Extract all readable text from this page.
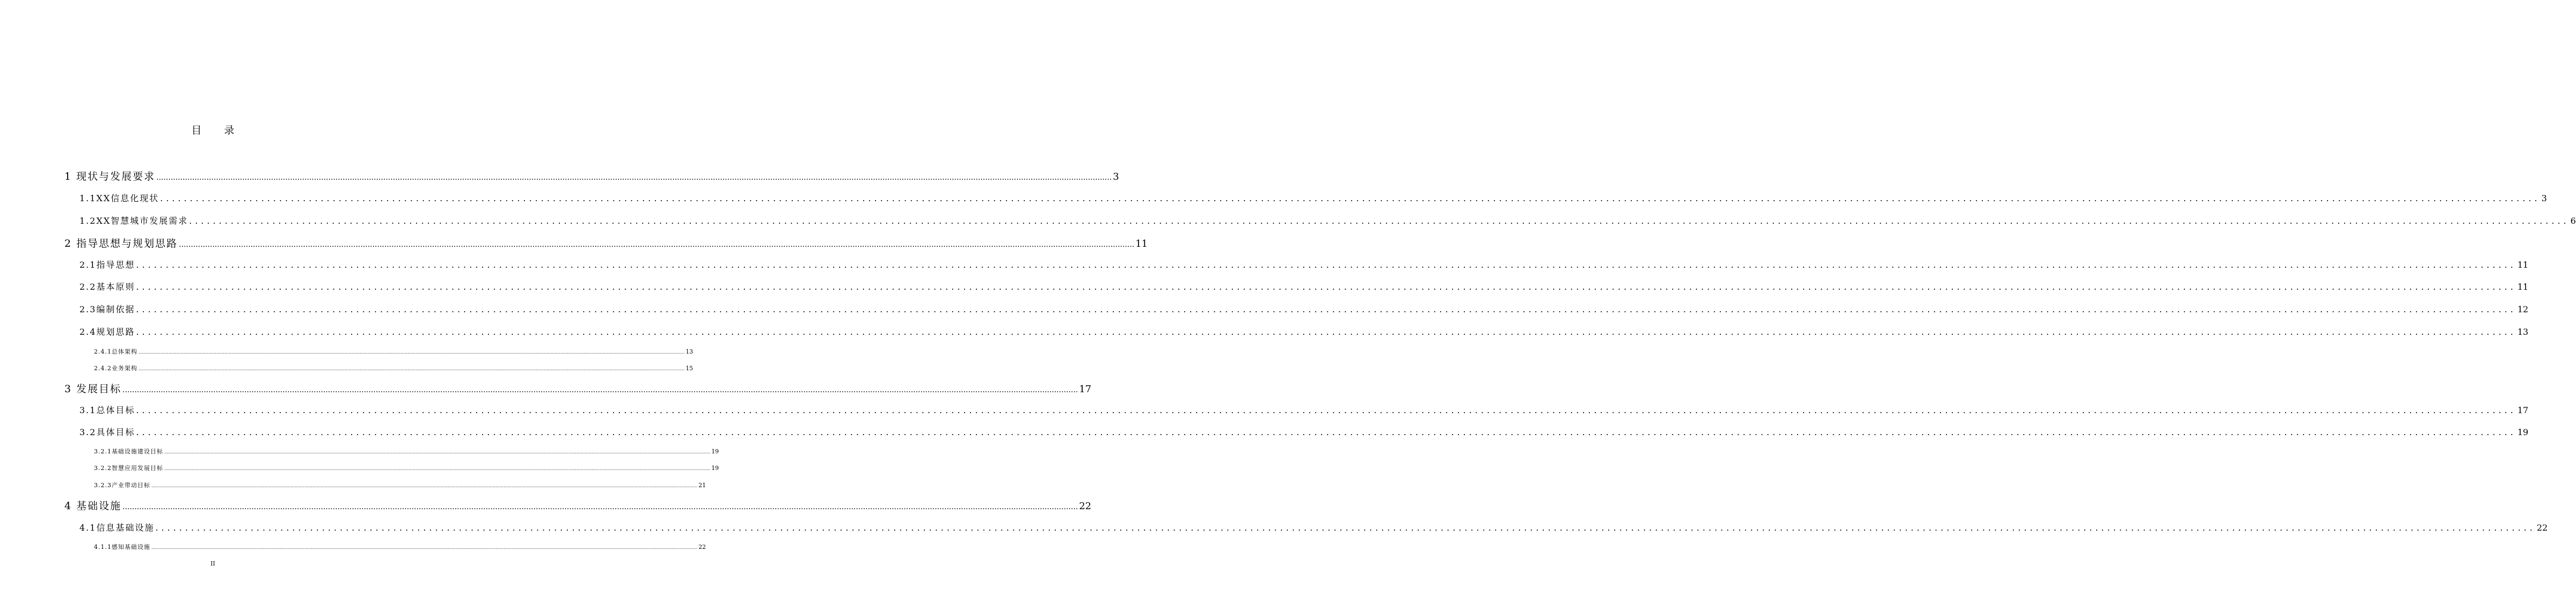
目 录
1 现状与发展要求 ................................................................................................................................................................................................................................................................................................................................................................................................................ 3
1.1XX信息化现状 ................................................................................................................................................................................................................................................................................................................................................................................................................ 3
1.2XX智慧城市发展需求 ................................................................................................................................................................................................................................................................................................................................................................................................................ 6
2 指导思想与规划思路 ................................................................................................................................................................................................................................................................................................................................................................................................................ 11
2.1指导思想 ................................................................................................................................................................................................................................................................................................................................................................................................................ 11
2.2基本原则 ................................................................................................................................................................................................................................................................................................................................................................................................................ 11
2.3编制依据 ................................................................................................................................................................................................................................................................................................................................................................................................................ 12
2.4规划思路 ................................................................................................................................................................................................................................................................................................................................................................................................................ 13
2.4.1总体架构 ................................................................................................................................................................................................................................................................................................................................................................................................................ 13
2.4.2业务架构 ................................................................................................................................................................................................................................................................................................................................................................................................................ 15
3 发展目标 ................................................................................................................................................................................................................................................................................................................................................................................................................ 17
3.1总体目标 ................................................................................................................................................................................................................................................................................................................................................................................................................ 17
3.2具体目标 ................................................................................................................................................................................................................................................................................................................................................................................................................ 19
3.2.1基础设施建设目标 ................................................................................................................................................................................................................................................................................................................................................................................................................ 19
3.2.2智慧应用发展目标 ................................................................................................................................................................................................................................................................................................................................................................................................................ 19
3.2.3产业带动目标 ................................................................................................................................................................................................................................................................................................................................................................................................................ 21
4 基础设施 ................................................................................................................................................................................................................................................................................................................................................................................................................ 22
4.1信息基础设施 ................................................................................................................................................................................................................................................................................................................................................................................................................ 22
4.1.1感知基础设施 ................................................................................................................................................................................................................................................................................................................................................................................................................ 22
II
